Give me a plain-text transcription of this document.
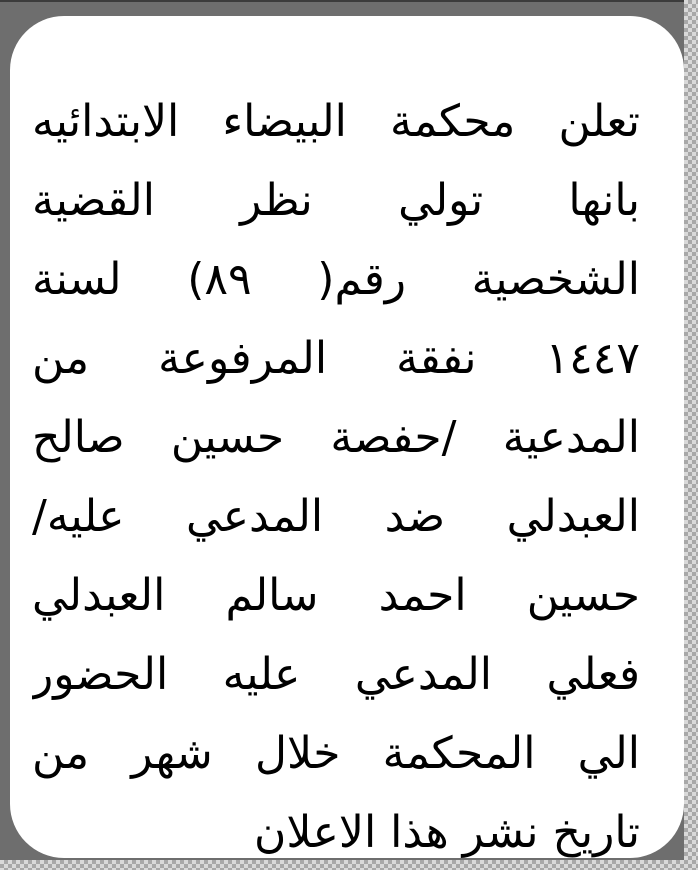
تعلن محكمة البيضاء الابتدائيه
بانها تولي نظر القضية
الشخصية رقم( ٨٩) لسنة
١٤٤٧ نفقة المرفوعة من
المدعية /حفصة حسين صالح
العبدلي ضد المدعي عليه/
حسين احمد سالم العبدلي
فعلي المدعي عليه الحضور
الي المحكمة خلال شهر من
تاريخ نشر هذا الاعلان
